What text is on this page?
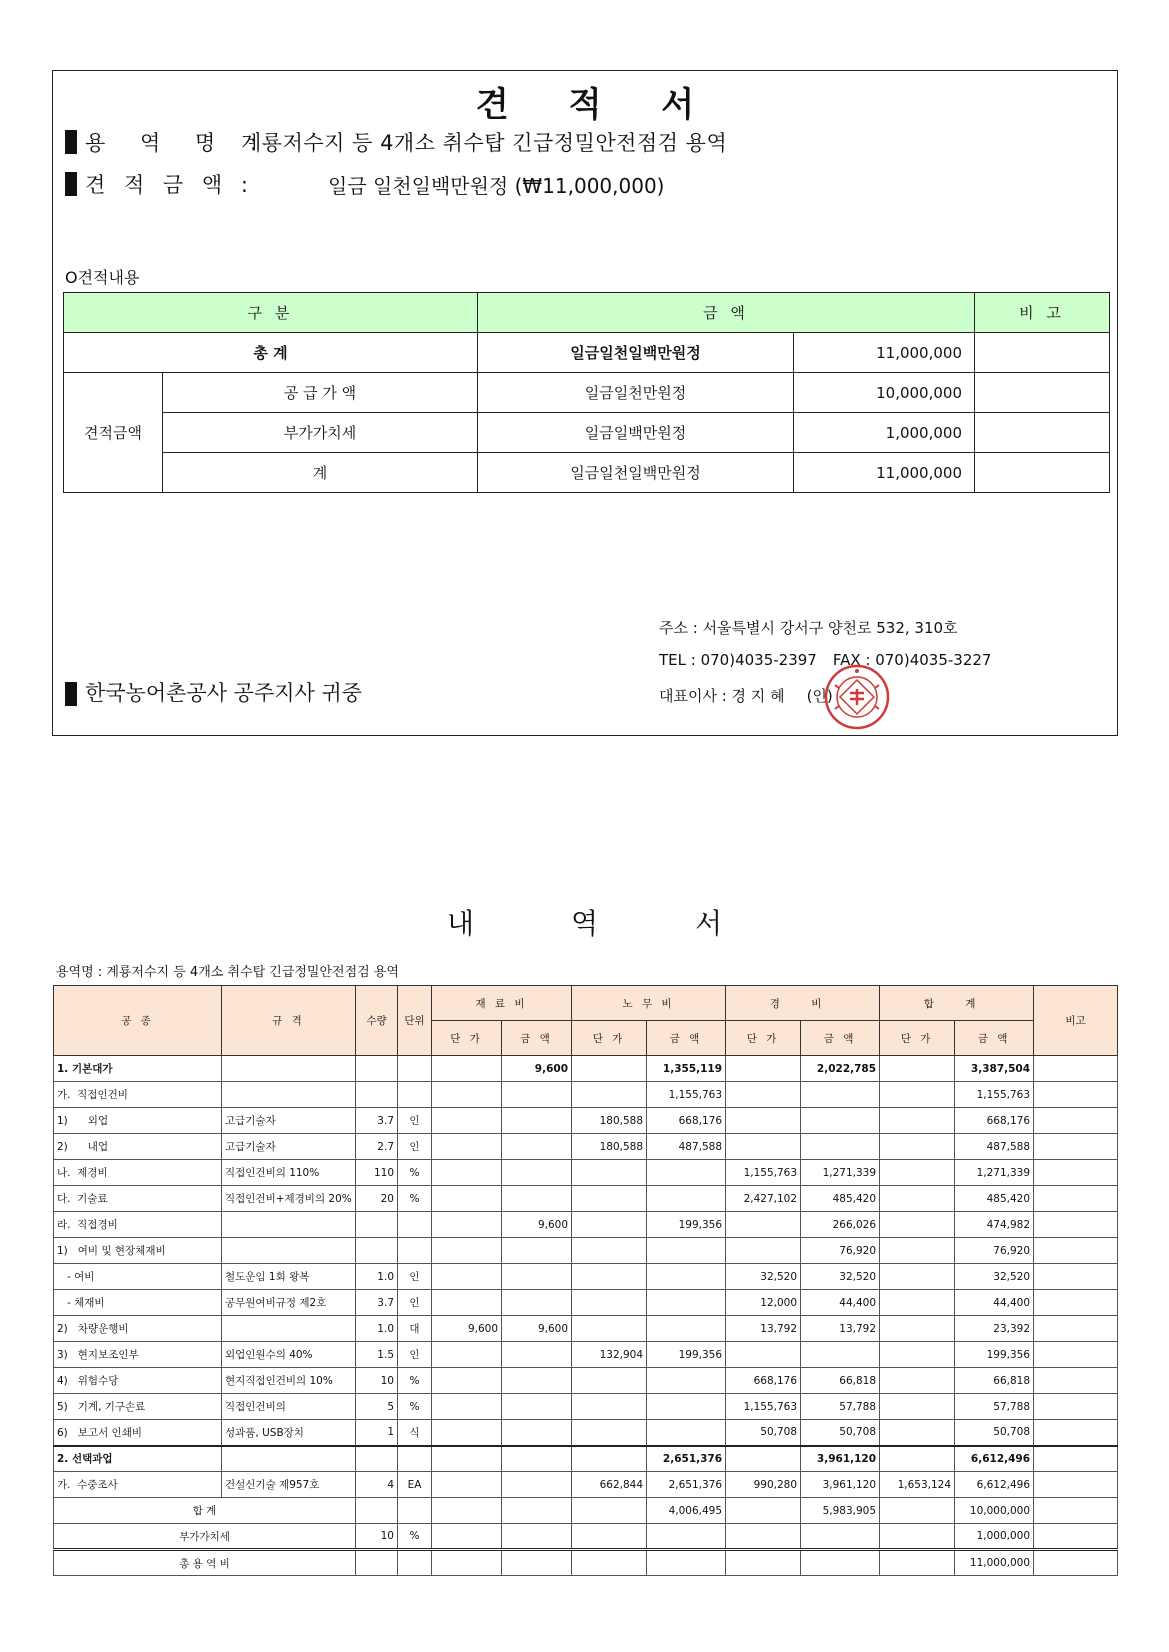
견 적 서
용 역 명 :계룡저수지 등 4개소 취수탑 긴급정밀안전점검 용역
견 적 금 액 :	일금 일천일백만원정 (₩11,000,000)
O견적내용
구 분		금 액		비 고
총 계		일금일천일백만원정	11,000,000	
견적금액	공 급 가 액	일금일천만원정	10,000,000	
	부가가치세	일금일백만원정	1,000,000	
	계	일금일천일백만원정	11,000,000	
주소 : 서울특별시 강서구 양천로 532, 310호
TEL : 070)4035-2397 FAX : 070)4035-3227
대표이사 : 경 지 혜 (인)
한국농어촌공사 공주지사 귀중
내	역	서
용역명 : 계룡저수지 등 4개소 취수탑 긴급정밀안전점검 용역
공 종	규 격	수량	단위	재 료 비		노 무 비		경 비		합 계		비고
				단 가	금 액	단 가	금 액	단 가	금 액	단 가	금 액	
1. 기본대가					9,600		1,355,119		2,022,785		3,387,504	
가.  직접인건비							1,155,763				1,155,763	
1)      외업	고급기술자	3.7	인			180,588	668,176				668,176	
2)      내업	고급기술자	2.7	인			180,588	487,588				487,588	
나.  제경비	직접인건비의 110%	110	%					1,155,763	1,271,339		1,271,339	
다.  기술료	직접인건비+제경비의 20%	20	%					2,427,102	485,420		485,420	
라.  직접경비					9,600		199,356		266,026		474,982	
1)   여비 및 현장체재비									76,920		76,920	
- 여비	철도운임 1회 왕복	1.0	인					32,520	32,520		32,520	
- 체재비	공무원여비규정 제2호	3.7	인					12,000	44,400		44,400	
2)   차량운행비		1.0	대	9,600	9,600			13,792	13,792		23,392	
3)   현지보조인부	외업인원수의 40%	1.5	인			132,904	199,356				199,356	
4)   위험수당	현지직접인건비의 10%	10	%					668,176	66,818		66,818	
5)   기계, 기구손료	직접인건비의	5	%					1,155,763	57,788		57,788	
6)   보고서 인쇄비	성과품, USB장치	1	식					50,708	50,708		50,708	
2. 선택과업							2,651,376		3,961,120		6,612,496	
가.  수중조사	건설신기술 제957호	4	EA			662,844	2,651,376	990,280	3,961,120	1,653,124	6,612,496	
합 계							4,006,495		5,983,905		10,000,000	
부가가치세		10	%								1,000,000	
총 용 역 비											11,000,000	
